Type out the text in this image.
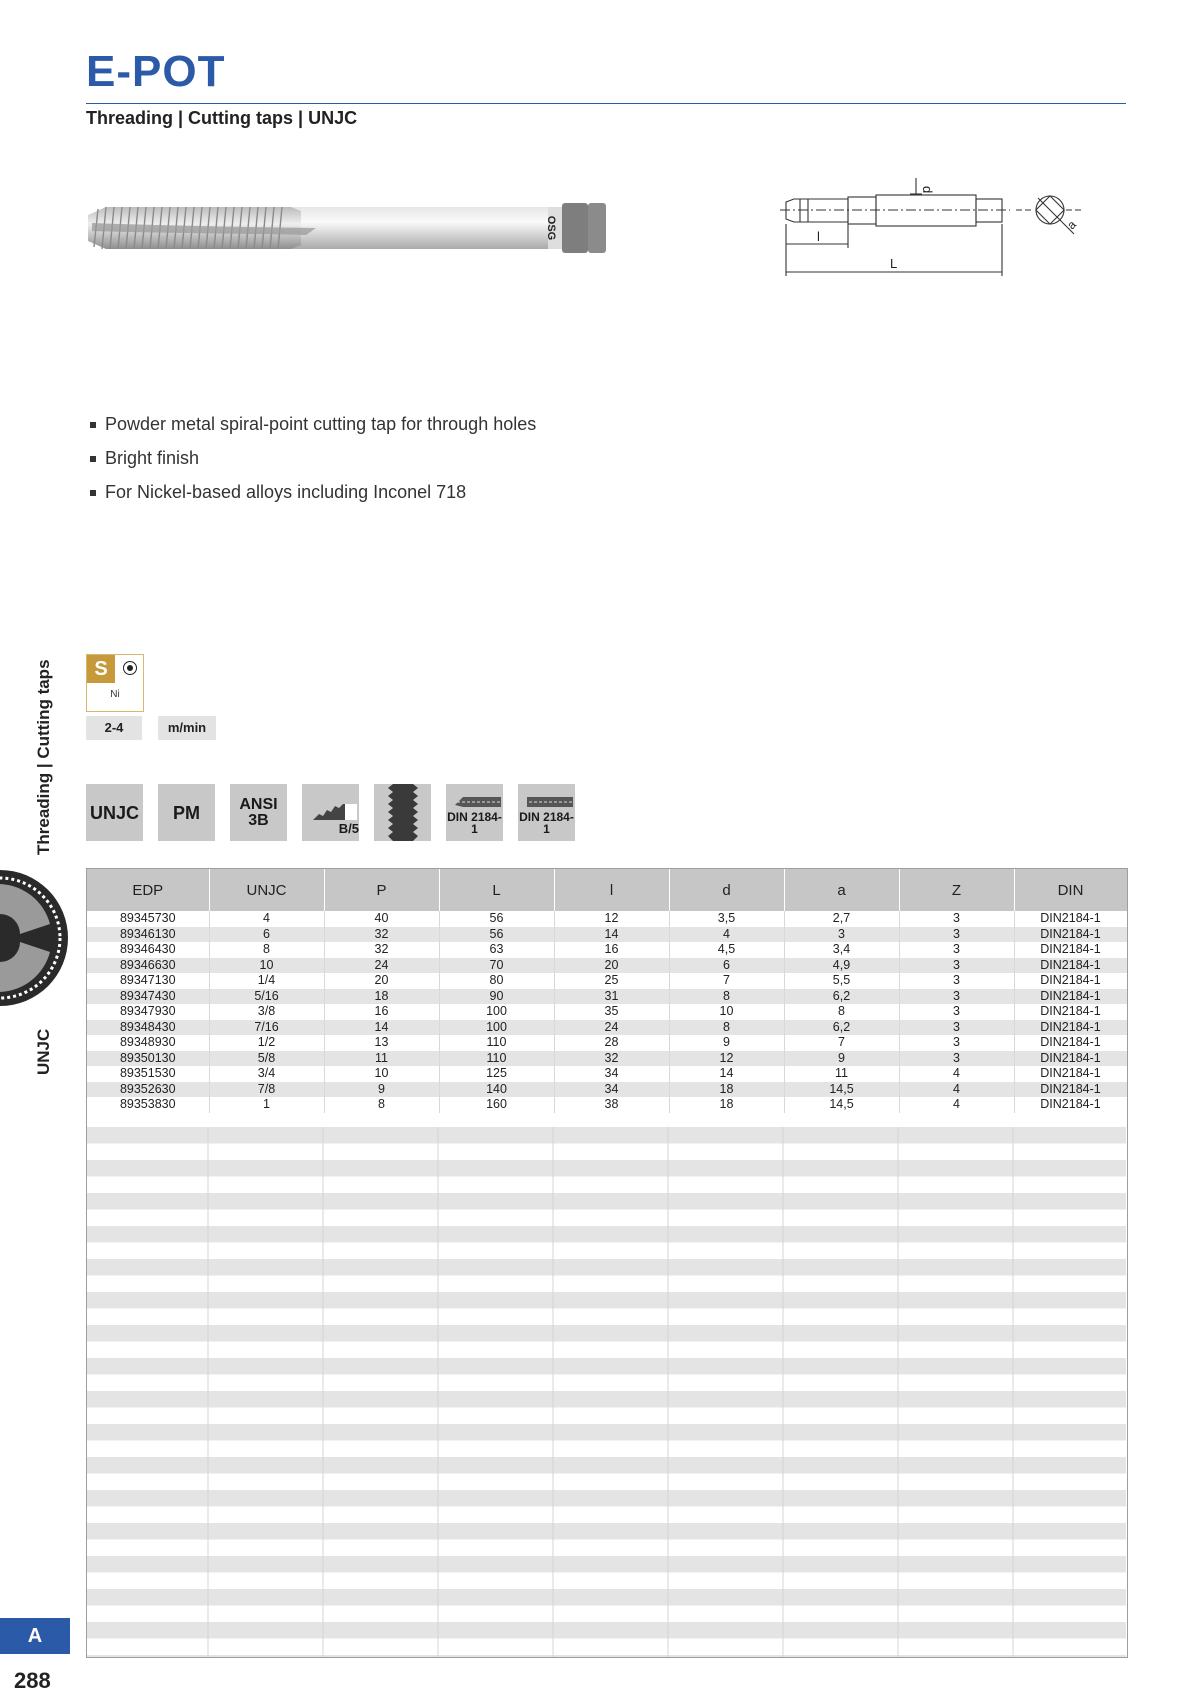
E-POT
Threading | Cutting taps | UNJC
OSG
d
l
L
a
Powder metal spiral-point cutting tap for through holes
Bright finish
For Nickel-based alloys including Inconel 718
Threading | Cutting taps
UNJC
S
Ni
2-4	m/min
UNJC PM ANSI 3B	B/5
DIN 2184-1
DIN 2184-1
EDP	UNJC	P	L	l	d	a	Z	DIN
89345730	4	40	56	12	3,5	2,7	3	DIN2184-1
89346130	6	32	56	14	4	3	3	DIN2184-1
89346430	8	32	63	16	4,5	3,4	3	DIN2184-1
89346630	10	24	70	20	6	4,9	3	DIN2184-1
89347130	1/4	20	80	25	7	5,5	3	DIN2184-1
89347430	5/16	18	90	31	8	6,2	3	DIN2184-1
89347930	3/8	16	100	35	10	8	3	DIN2184-1
89348430	7/16	14	100	24	8	6,2	3	DIN2184-1
89348930	1/2	13	110	28	9	7	3	DIN2184-1
89350130	5/8	11	110	32	12	9	3	DIN2184-1
89351530	3/4	10	125	34	14	11	4	DIN2184-1
89352630	7/8	9	140	34	18	14,5	4	DIN2184-1
89353830	1	8	160	38	18	14,5	4	DIN2184-1
A
288
